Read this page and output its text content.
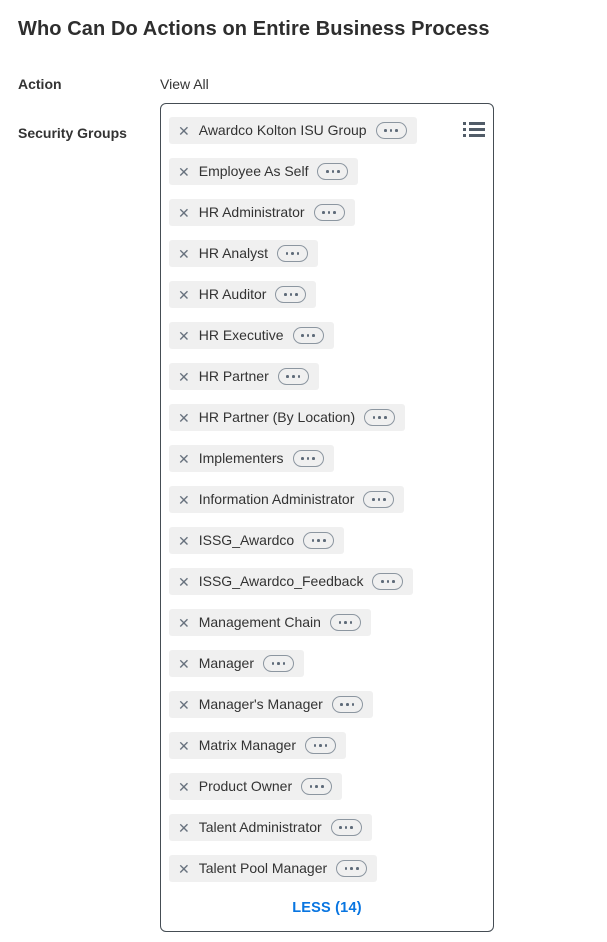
Who Can Do Actions on Entire Business Process
Action	View All
Security Groups	✕ Awardco Kolton ISU Group
✕ Employee As Self
✕ HR Administrator
✕ HR Analyst
✕ HR Auditor
✕ HR Executive
✕ HR Partner
✕ HR Partner (By Location)
✕ Implementers
✕ Information Administrator
✕ ISSG_Awardco
✕ ISSG_Awardco_Feedback
✕ Management Chain
✕ Manager
✕ Manager's Manager
✕ Matrix Manager
✕ Product Owner
✕ Talent Administrator
✕ Talent Pool Manager
LESS (14)
